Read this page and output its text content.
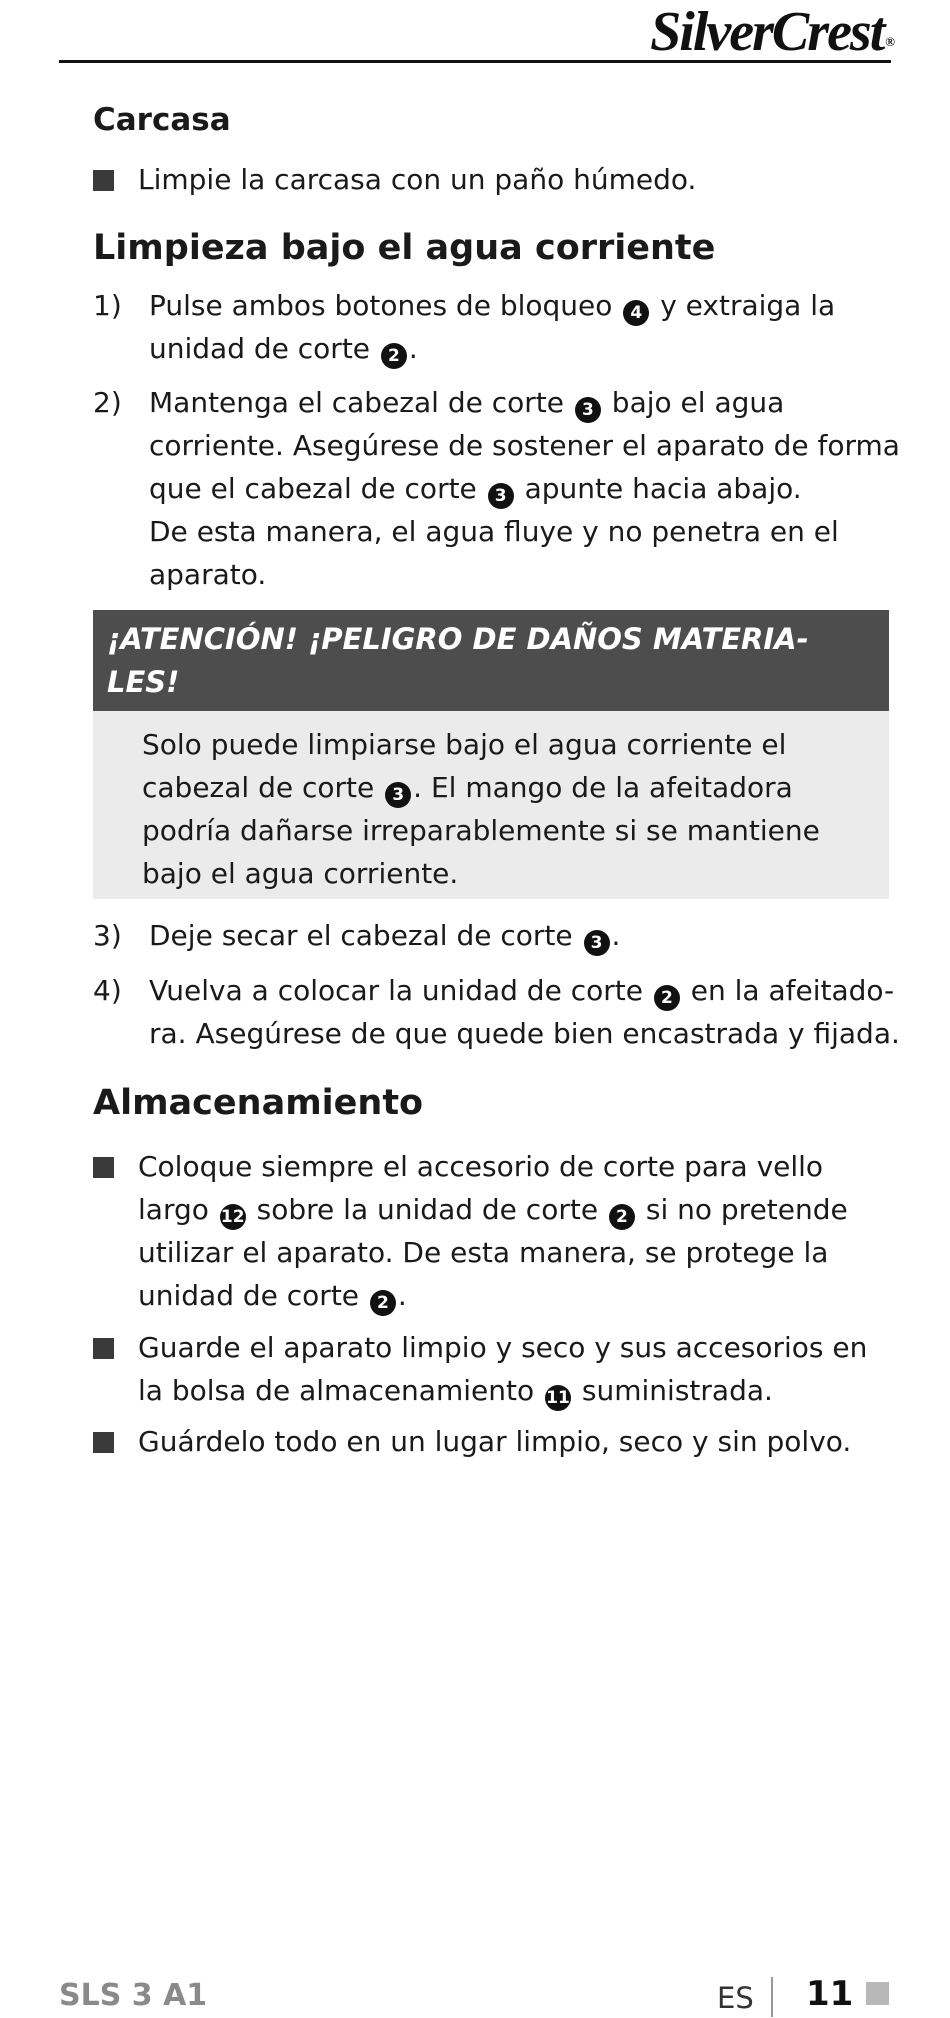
SilverCrest ®
Carcasa
Limpie la carcasa con un paño húmedo.
Limpieza bajo el agua corriente
1) Pulse ambos botones de bloqueo 4 y extraiga la
unidad de corte 2 .
2) Mantenga el cabezal de corte 3 bajo el agua
corriente. Asegúrese de sostener el aparato de forma
que el cabezal de corte 3 apunte hacia abajo.
De esta manera, el agua fluye y no penetra en el
aparato.
¡ATENCIÓN! ¡PELIGRO DE DAÑOS MATERIA-
LES!
Solo puede limpiarse bajo el agua corriente el
cabezal de corte 3 . El mango de la afeitadora
podría dañarse irreparablemente si se mantiene
bajo el agua corriente.
3) Deje secar el cabezal de corte 3 .
4) Vuelva a colocar la unidad de corte 2 en la afeitado-
ra. Asegúrese de que quede bien encastrada y fijada.
Almacenamiento
Coloque siempre el accesorio de corte para vello
largo 12 sobre la unidad de corte 2 si no pretende
utilizar el aparato. De esta manera, se protege la
unidad de corte 2 .
Guarde el aparato limpio y seco y sus accesorios en
la bolsa de almacenamiento 11 suministrada.
Guárdelo todo en un lugar limpio, seco y sin polvo.
SLS 3 A1	ES 11
